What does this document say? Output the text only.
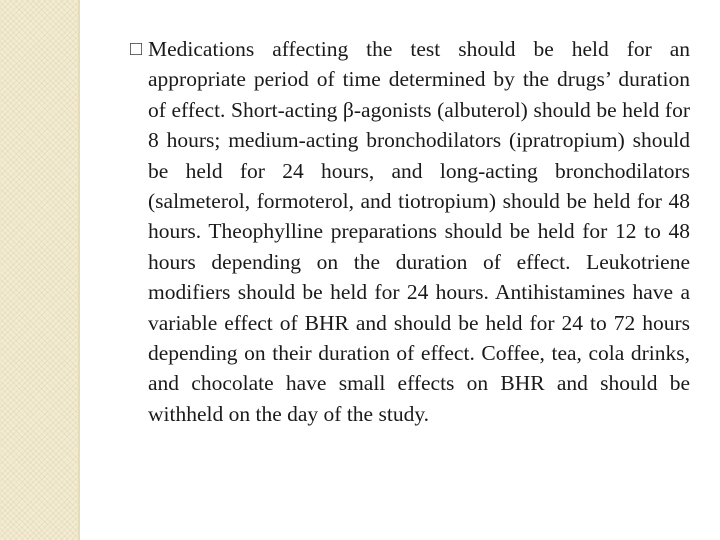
□ Medications affecting the test should be held for an appropriate period of time determined by the drugs’ duration of effect. Short-acting β-agonists (albuterol) should be held for 8 hours; medium-acting bronchodilators (ipratropium) should be held for 24 hours, and long-acting bronchodilators (salmeterol, formoterol, and tiotropium) should be held for 48 hours. Theophylline preparations should be held for 12 to 48 hours depending on the duration of effect. Leukotriene modifiers should be held for 24 hours. Antihistamines have a variable effect of BHR and should be held for 24 to 72 hours depending on their duration of effect. Coffee, tea, cola drinks, and chocolate have small effects on BHR and should be withheld on the day of the study.
